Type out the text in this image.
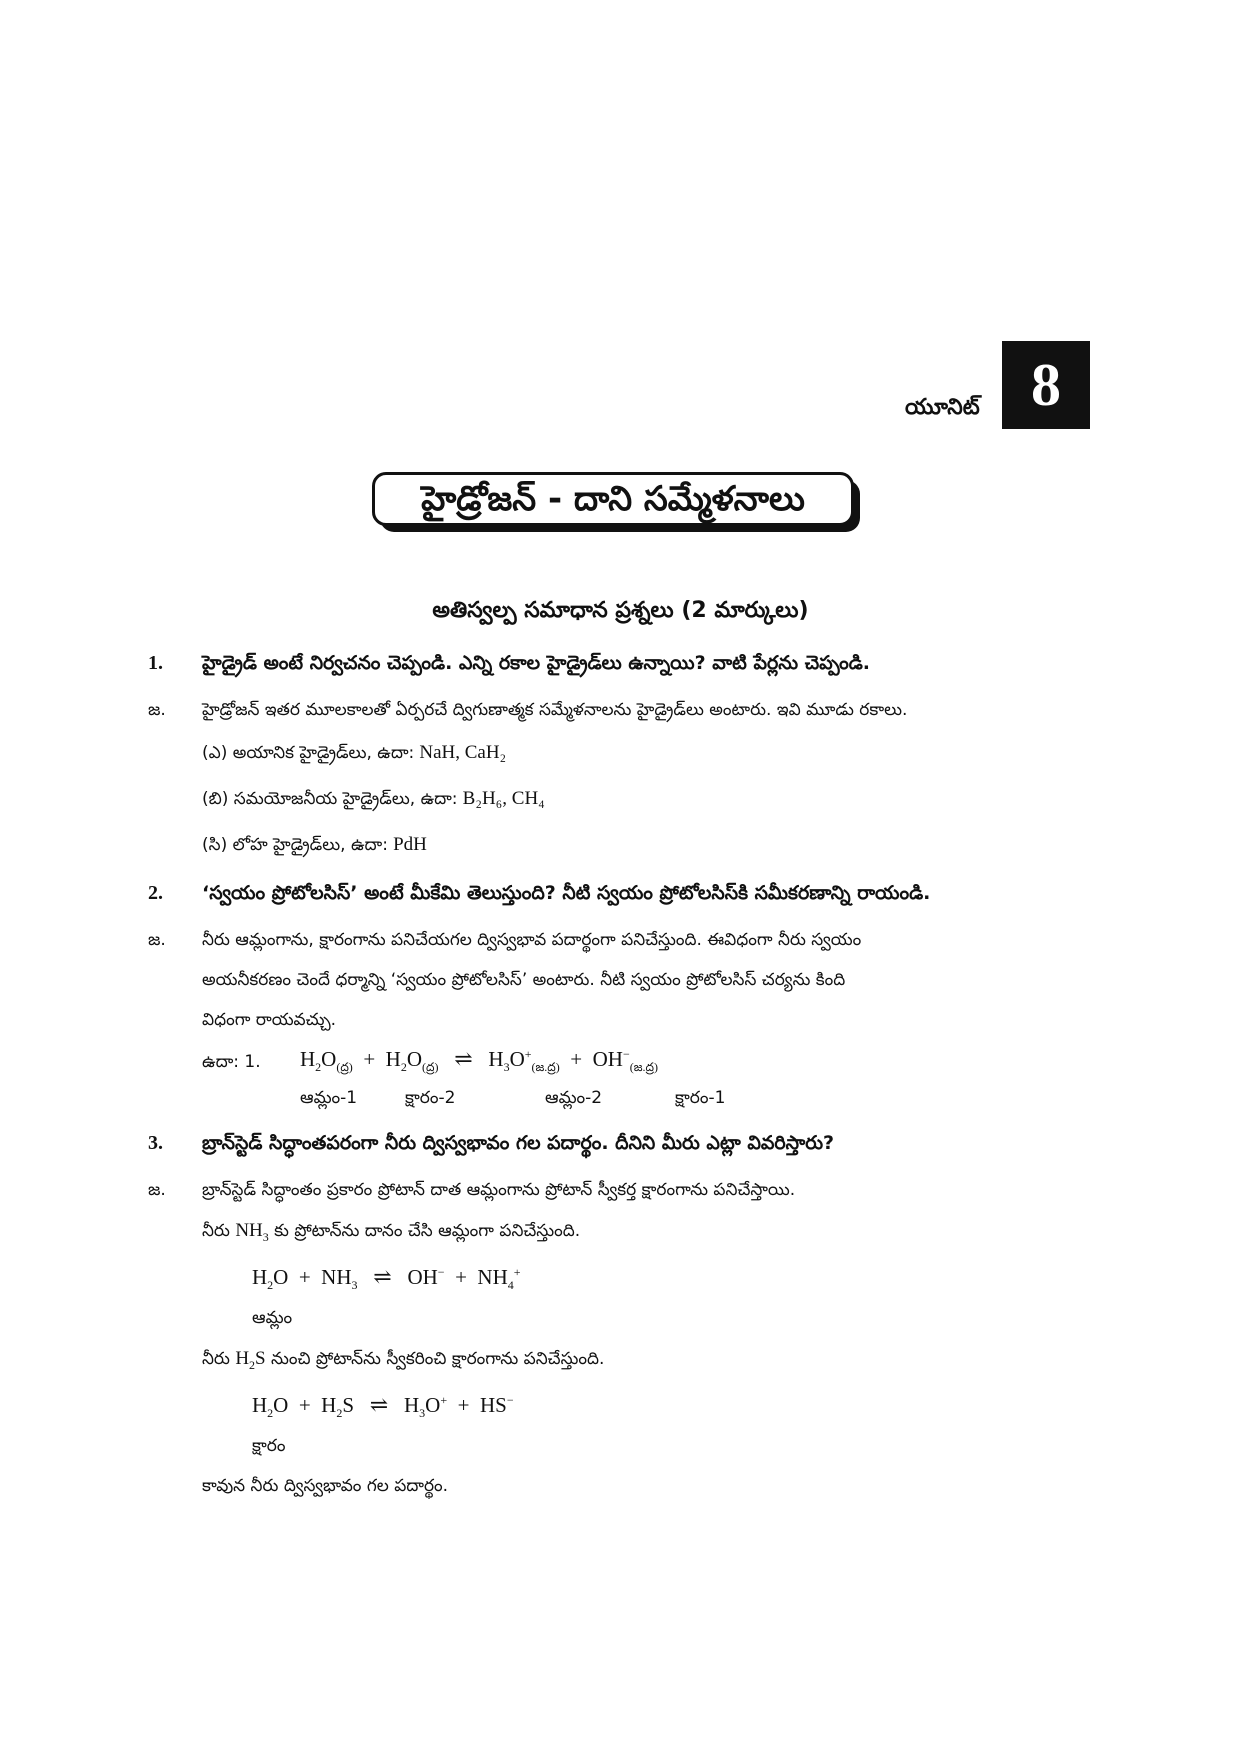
యూనిట్ 8
హైడ్రోజన్ - దాని సమ్మేళనాలు
అతిస్వల్ప సమాధాన ప్రశ్నలు (2 మార్కులు)
1. హైడ్రైడ్ అంటే నిర్వచనం చెప్పండి. ఎన్ని రకాల హైడ్రైడ్‌లు ఉన్నాయి? వాటి పేర్లను చెప్పండి.
జ. హైడ్రోజన్ ఇతర మూలకాలతో ఏర్పరచే ద్విగుణాత్మక సమ్మేళనాలను హైడ్రైడ్‌లు అంటారు. ఇవి మూడు రకాలు.
(ఎ) అయానిక హైడ్రైడ్‌లు, ఉదా: NaH, CaH₂
(బి) సమయోజనీయ హైడ్రైడ్‌లు, ఉదా: B₂H₆, CH₄
(సి) లోహ హైడ్రైడ్‌లు, ఉదా: PdH
2. ‘స్వయం ప్రోటోలసిస్’ అంటే మీకేమి తెలుస్తుంది? నీటి స్వయం ప్రోటోలసిస్‌కి సమీకరణాన్ని రాయండి.
జ. నీరు ఆమ్లంగాను, క్షారంగాను పనిచేయగల ద్విస్వభావ పదార్థంగా పనిచేస్తుంది. ఈవిధంగా నీరు స్వయం
అయనీకరణం చెందే ధర్మాన్ని ‘స్వయం ప్రోటోలసిస్’ అంటారు. నీటి స్వయం ప్రోటోలసిస్ చర్యను కింది
విధంగా రాయవచ్చు.
ఉదా: 1. $H_2O_{(ద్ర)} + H_2O_{(ద్ర)}$ ⇌ $H_3O^+_{(జ.ద్ర)} + OH^-_{(జ.ద్ర)}$
ఆమ్లం-1	క్షారం-2	ఆమ్లం-2	క్షారం-1
3. బ్రాన్‌స్టెడ్ సిద్ధాంతపరంగా నీరు ద్విస్వభావం గల పదార్థం. దీనిని మీరు ఎట్లా వివరిస్తారు?
జ. బ్రాన్‌స్టెడ్ సిద్ధాంతం ప్రకారం ప్రోటాన్ దాత ఆమ్లంగాను ప్రోటాన్ స్వీకర్త క్షారంగాను పనిచేస్తాయి.
నీరు $NH_3$ కు ప్రోటాన్‌ను దానం చేసి ఆమ్లంగా పనిచేస్తుంది.
$H_2O + NH_3$ ⇌   $OH^- + NH_4^+$
ఆమ్లం
నీరు $H_2S$ నుంచి ప్రోటాన్‌ను స్వీకరించి క్షారంగాను పనిచేస్తుంది.
$H_2O + H_2S$   ⇌   $H_3O^+ + HS^-$
క్షారం
కావున నీరు ద్విస్వభావం గల పదార్థం.
